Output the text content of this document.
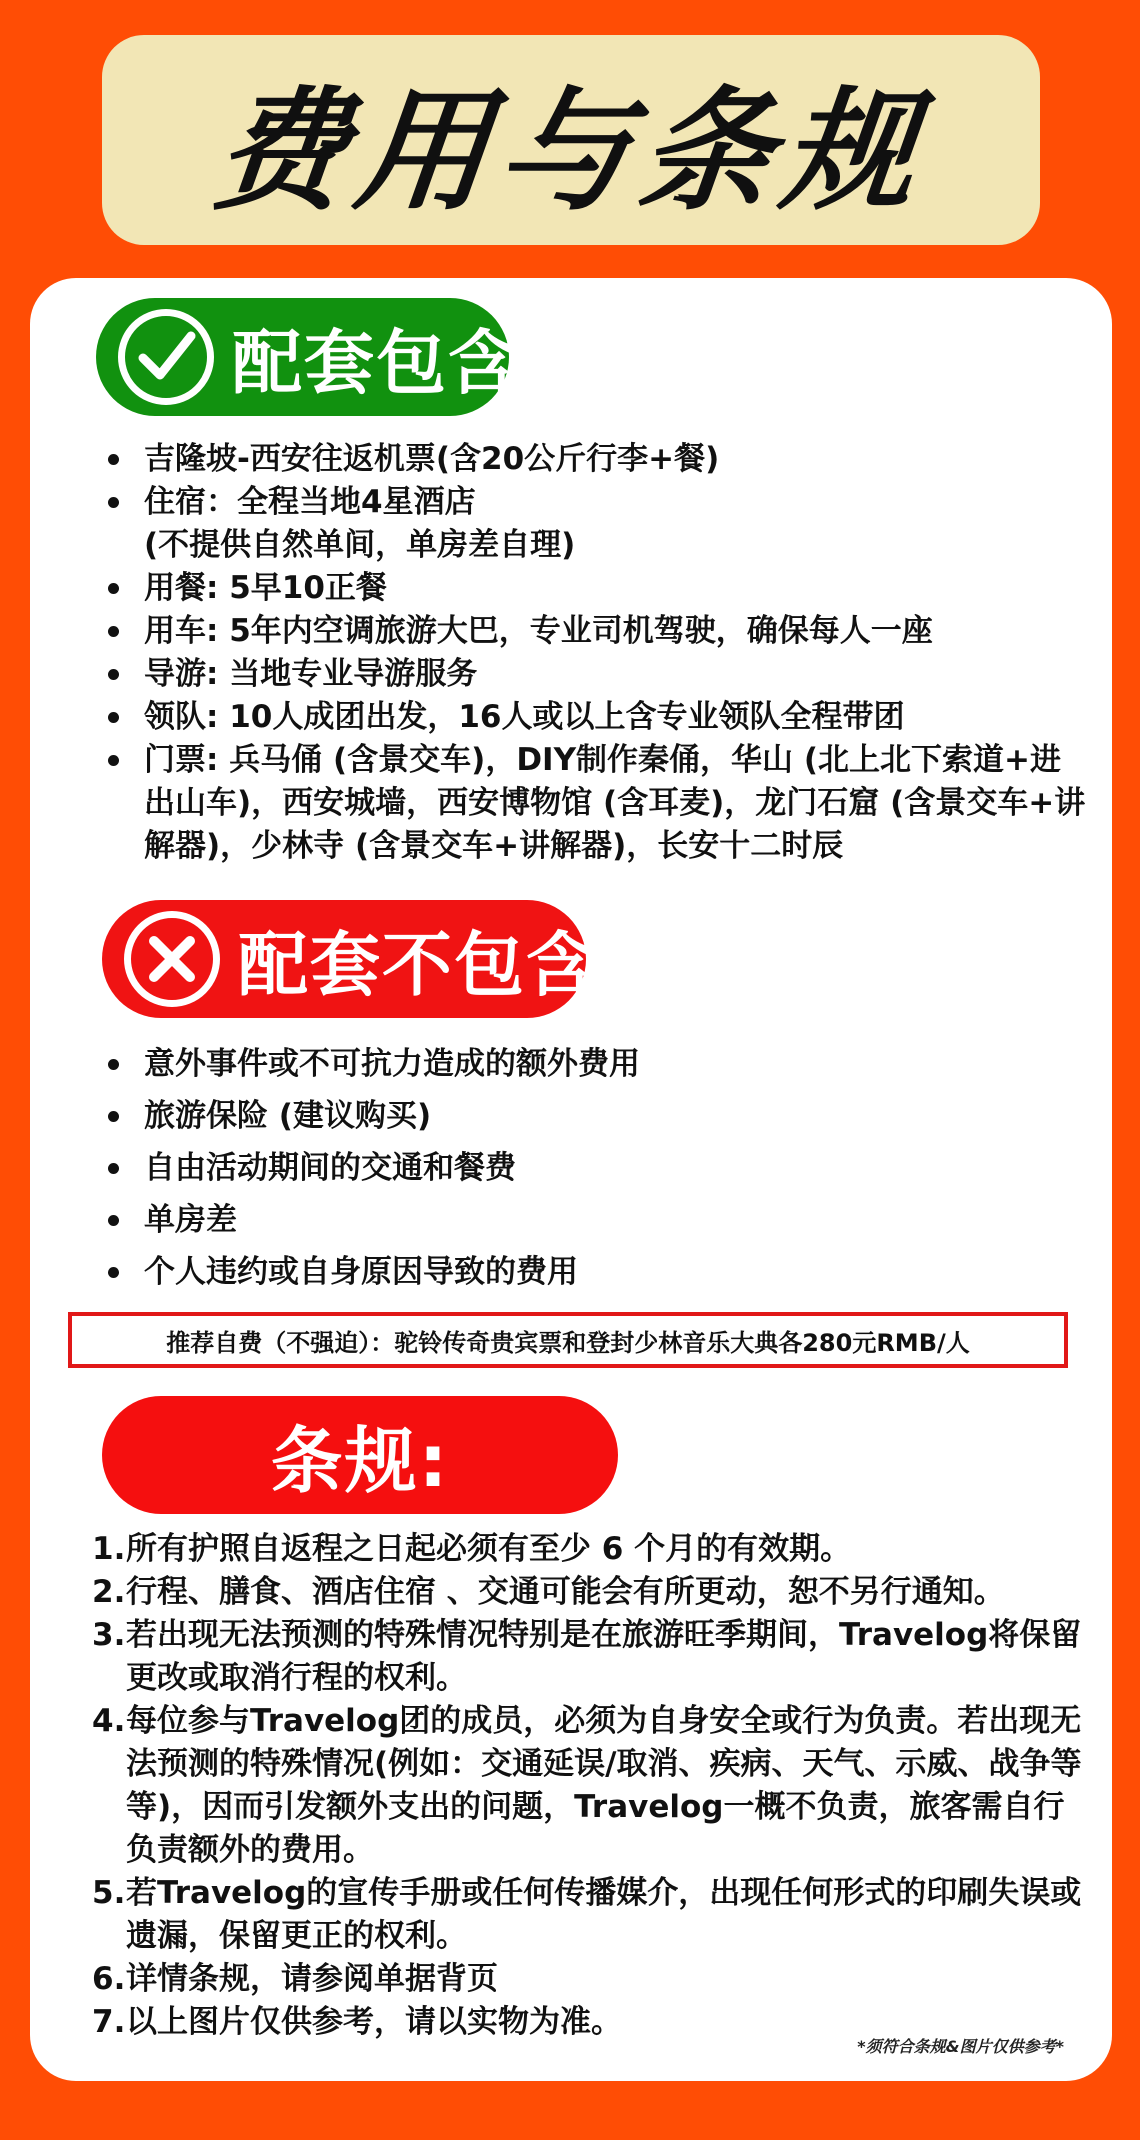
费用与条规
配套包含:
吉隆坡-西安往返机票(含20公斤行李+餐)
住宿：全程当地4星酒店
(不提供自然单间，单房差自理)
用餐: 5早10正餐
用车: 5年内空调旅游大巴，专业司机驾驶，确保每人一座
导游: 当地专业导游服务
领队: 10人成团出发，16人或以上含专业领队全程带团
门票: 兵马俑 (含景交车)，DIY制作秦俑，华山 (北上北下索道+进出山车)，西安城墙，西安博物馆 (含耳麦)，龙门石窟 (含景交车+讲解器)，少林寺 (含景交车+讲解器)，长安十二时辰
配套不包含:
意外事件或不可抗力造成的额外费用
旅游保险 (建议购买)
自由活动期间的交通和餐费
单房差
个人违约或自身原因导致的费用
推荐自费（不强迫）：驼铃传奇贵宾票和登封少林音乐大典各280元RMB/人
条规:
1. 所有护照自返程之日起必须有至少 6 个月的有效期。
2. 行程、膳食、酒店住宿 、交通可能会有所更动，恕不另行通知。
3. 若出现无法预测的特殊情况特别是在旅游旺季期间，Travelog将保留更改或取消行程的权利。
4. 每位参与Travelog团的成员，必须为自身安全或行为负责。若出现无法预测的特殊情况(例如：交通延误/取消、疾病、天气、示威、战争等等)，因而引发额外支出的问题，Travelog一概不负责，旅客需自行负责额外的费用。
5. 若Travelog的宣传手册或任何传播媒介，出现任何形式的印刷失误或遗漏，保留更正的权利。
6. 详情条规，请参阅单据背页
7. 以上图片仅供参考，请以实物为准。
*须符合条规&图片仅供参考*
